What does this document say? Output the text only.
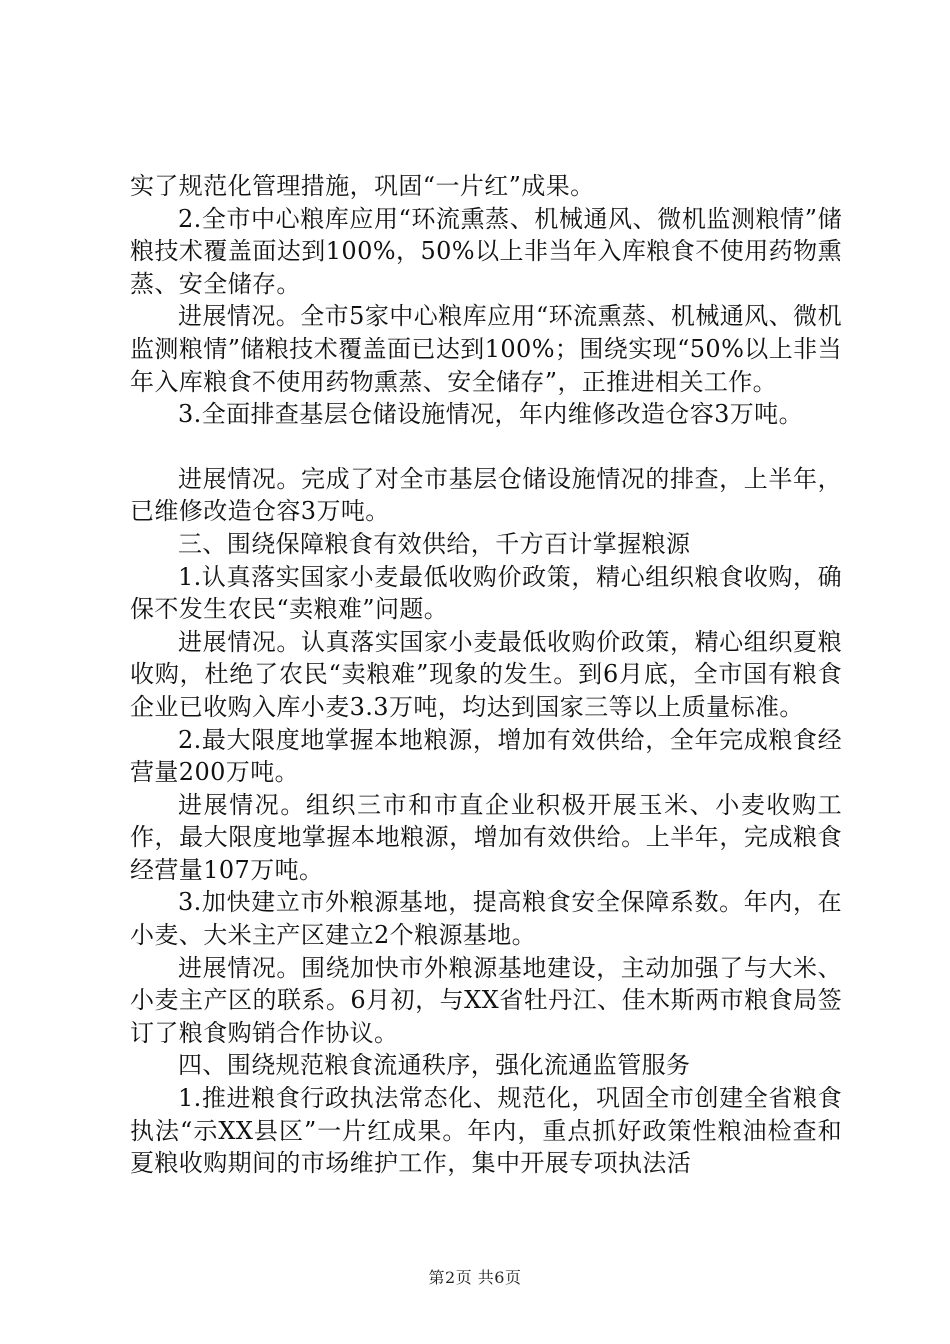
实了规范化管理措施，巩固“一片红”成果。

2.全市中心粮库应用“环流熏蒸、机械通风、微机监测粮情”储粮技术覆盖面达到100%，50%以上非当年入库粮食不使用药物熏蒸、安全储存。

进展情况。全市5家中心粮库应用“环流熏蒸、机械通风、微机监测粮情”储粮技术覆盖面已达到100%；围绕实现“50%以上非当年入库粮食不使用药物熏蒸、安全储存”，正推进相关工作。

3.全面排查基层仓储设施情况，年内维修改造仓容3万吨。

进展情况。完成了对全市基层仓储设施情况的排查，上半年，已维修改造仓容3万吨。

三、围绕保障粮食有效供给，千方百计掌握粮源

1.认真落实国家小麦最低收购价政策，精心组织粮食收购，确保不发生农民“卖粮难”问题。

进展情况。认真落实国家小麦最低收购价政策，精心组织夏粮收购，杜绝了农民“卖粮难”现象的发生。到6月底，全市国有粮食企业已收购入库小麦3.3万吨，均达到国家三等以上质量标准。

2.最大限度地掌握本地粮源，增加有效供给，全年完成粮食经营量200万吨。

进展情况。组织三市和市直企业积极开展玉米、小麦收购工作，最大限度地掌握本地粮源，增加有效供给。上半年，完成粮食经营量107万吨。

3.加快建立市外粮源基地，提高粮食安全保障系数。年内，在小麦、大米主产区建立2个粮源基地。

进展情况。围绕加快市外粮源基地建设，主动加强了与大米、小麦主产区的联系。6月初，与XX省牡丹江、佳木斯两市粮食局签订了粮食购销合作协议。

四、围绕规范粮食流通秩序，强化流通监管服务

1.推进粮食行政执法常态化、规范化，巩固全市创建全省粮食执法“示XX县区”一片红成果。年内，重点抓好政策性粮油检查和夏粮收购期间的市场维护工作，集中开展专项执法活

第2页 共6页
